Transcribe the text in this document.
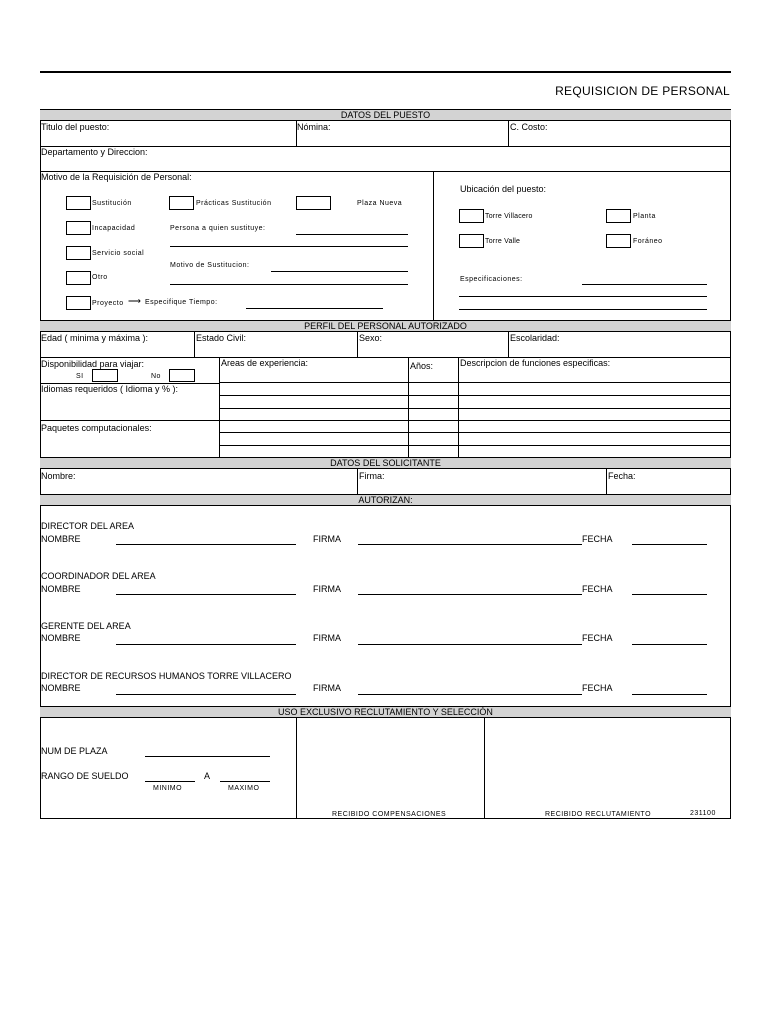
REQUISICION DE PERSONAL
DATOS DEL PUESTO
Titulo del puesto:	Nómina:	C. Costo:
Departamento y Direccion:
Motivo de la Requisición de Personal:
Sustitución	Prácticas Sustitución	Plaza Nueva
Incapacidad	Persona a quien sustituye:
Servicio social
Motivo de Sustitucion:
Otro
Proyecto ⟶ Especifique Tiempo:
Ubicación del puesto:
Torre Villacero	Planta
Torre Valle	Foráneo
Especificaciones:
PERFIL DEL PERSONAL AUTORIZADO
Edad ( minima y máxima ):	Estado Civil:	Sexo:	Escolaridad:
Disponibilidad para viajar:
SI	No
Areas de experiencia:	Años:	Descripcion de funciones especificas:
Idiomas requeridos ( Idioma y % ):
Paquetes computacionales:
DATOS DEL SOLICITANTE
Nombre:	Firma:	Fecha:
AUTORIZAN:
DIRECTOR DEL AREA
NOMBRE	FIRMA	FECHA
COORDINADOR DEL AREA
NOMBRE	FIRMA	FECHA
GERENTE DEL AREA
NOMBRE	FIRMA	FECHA
DIRECTOR DE RECURSOS HUMANOS TORRE VILLACERO
NOMBRE	FIRMA	FECHA
USO EXCLUSIVO RECLUTAMIENTO Y SELECCIÓN
NUM DE PLAZA
RANGO DE SUELDO	A
MINIMO	MAXIMO
RECIBIDO COMPENSACIONES	RECIBIDO RECLUTAMIENTO	231100
